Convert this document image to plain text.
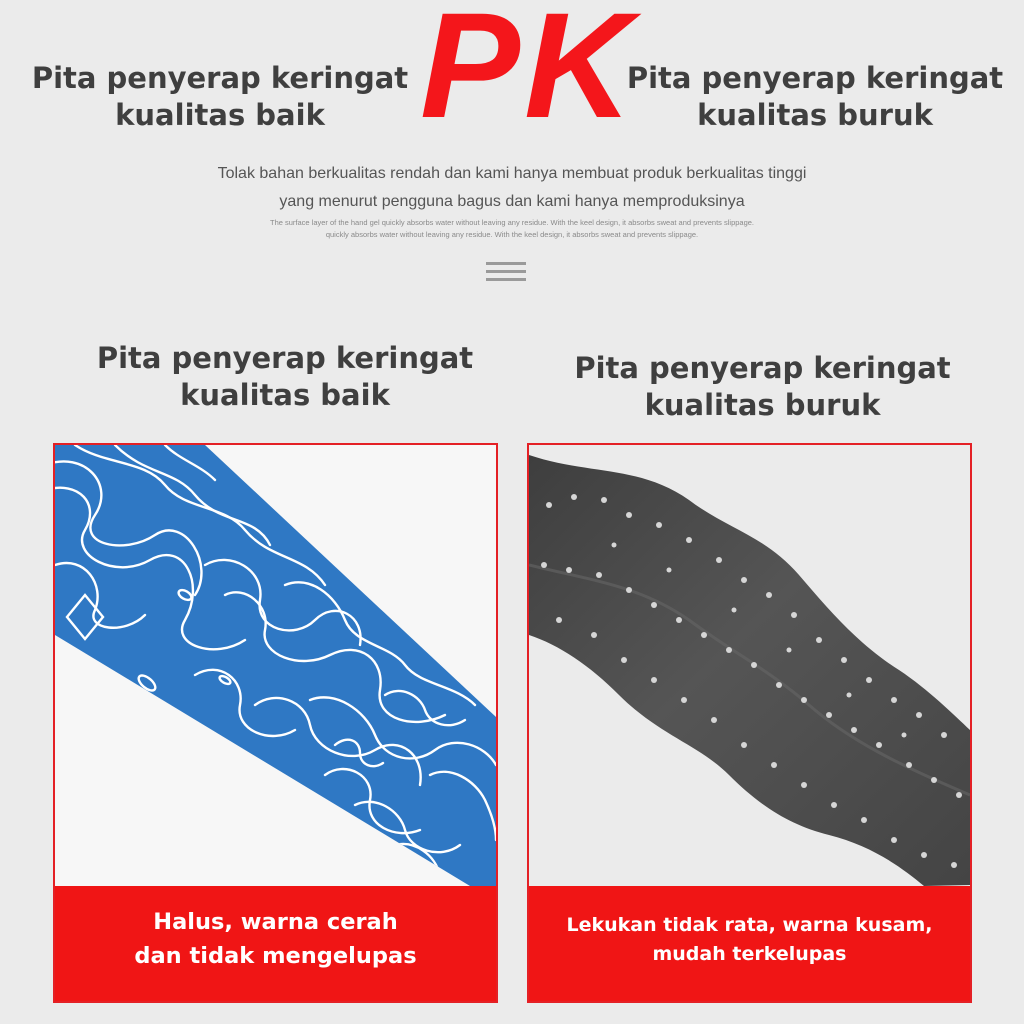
Pita penyerap keringat
kualitas baik PK
Pita penyerap keringat
kualitas buruk
Tolak bahan berkualitas rendah dan kami hanya membuat produk berkualitas tinggi
yang menurut pengguna bagus dan kami hanya memproduksinya
The surface layer of the hand gel quickly absorbs water without leaving any residue. With the keel design, it absorbs sweat and prevents slippage.
quickly absorbs water without leaving any residue. With the keel design, it absorbs sweat and prevents slippage.
Pita penyerap keringat
kualitas baik
Pita penyerap keringat
kualitas buruk
Halus, warna cerah
dan tidak mengelupas
Lekukan tidak rata, warna kusam,
mudah terkelupas
